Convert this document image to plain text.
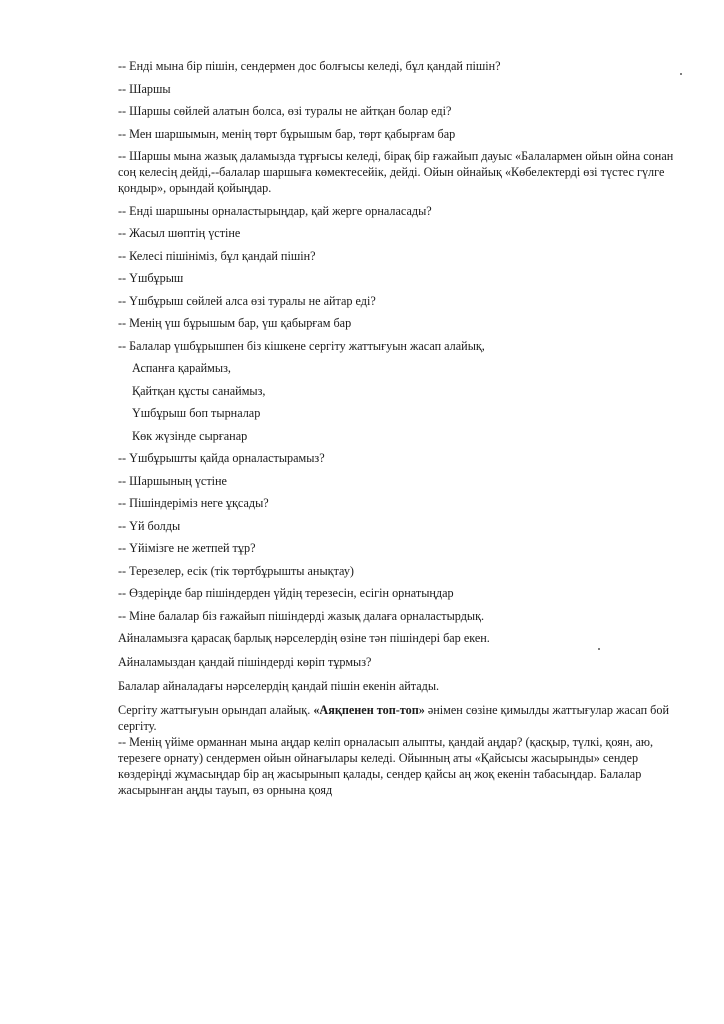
-- Енді мына бір пішін, сендермен дос болғысы келеді, бұл қандай пішін?

-- Шаршы

-- Шаршы сөйлей алатын болса, өзі туралы не айтқан болар еді?

-- Мен шаршымын, менің төрт бұрышым бар, төрт қабырғам бар

-- Шаршы мына жазық даламызда тұрғысы келеді, бірақ бір ғажайып дауыс «Балалармен ойын ойна сонан соң келесің дейді,--балалар шаршыға көмектесейік, дейді. Ойын ойнайық «Көбелектерді өзі түстес гүлге қондыр», орындай қойыңдар.

-- Енді шаршыны орналастырыңдар, қай жерге орналасады?

-- Жасыл шөптің үстіне

-- Келесі пішініміз, бұл қандай пішін?

-- Үшбұрыш

-- Үшбұрыш сөйлей алса өзі туралы не айтар еді?

-- Менің үш бұрышым бар, үш қабырғам бар

-- Балалар үшбұрышпен біз кішкене сергіту жаттығуын жасап алайық,

Аспанға қараймыз,

Қайтқан құсты санаймыз,

Үшбұрыш боп тырналар

Көк жүзінде сырғанар

-- Үшбұрышты қайда орналастырамыз?

-- Шаршының үстіне

-- Пішіндеріміз неге ұқсады?

-- Үй болды

-- Үйімізге не жетпей тұр?

-- Терезелер, есік (тік төртбұрышты анықтау)

-- Өздеріңде бар пішіндерден үйдің терезесін, есігін орнатыңдар

-- Міне балалар біз ғажайып пішіндерді жазық далаға орналастырдық.

Айналамызға қарасақ барлық нәрселердің өзіне тән пішіндері бар екен.

Айналамыздан қандай пішіндерді көріп тұрмыз?

Балалар айналадағы нәрселердің қандай пішін екенін айтады.

Сергіту жаттығуын орындап алайық. «Аяқпенен топ-топ» әнімен сөзіне қимылды жаттығулар жасап бой сергіту.

-- Менің үйіме орманнан мына аңдар келіп орналасып алыпты, қандай аңдар? (қасқыр, түлкі, қоян, аю, терезеге орнату) сендермен ойын ойнағылары келеді. Ойынның аты «Қайсысы жасырынды» сендер көздеріңді жұмасыңдар бір аң жасырынып қалады, сендер қайсы аң жоқ екенін табасыңдар. Балалар жасырынған аңды тауып, өз орнына қояд
